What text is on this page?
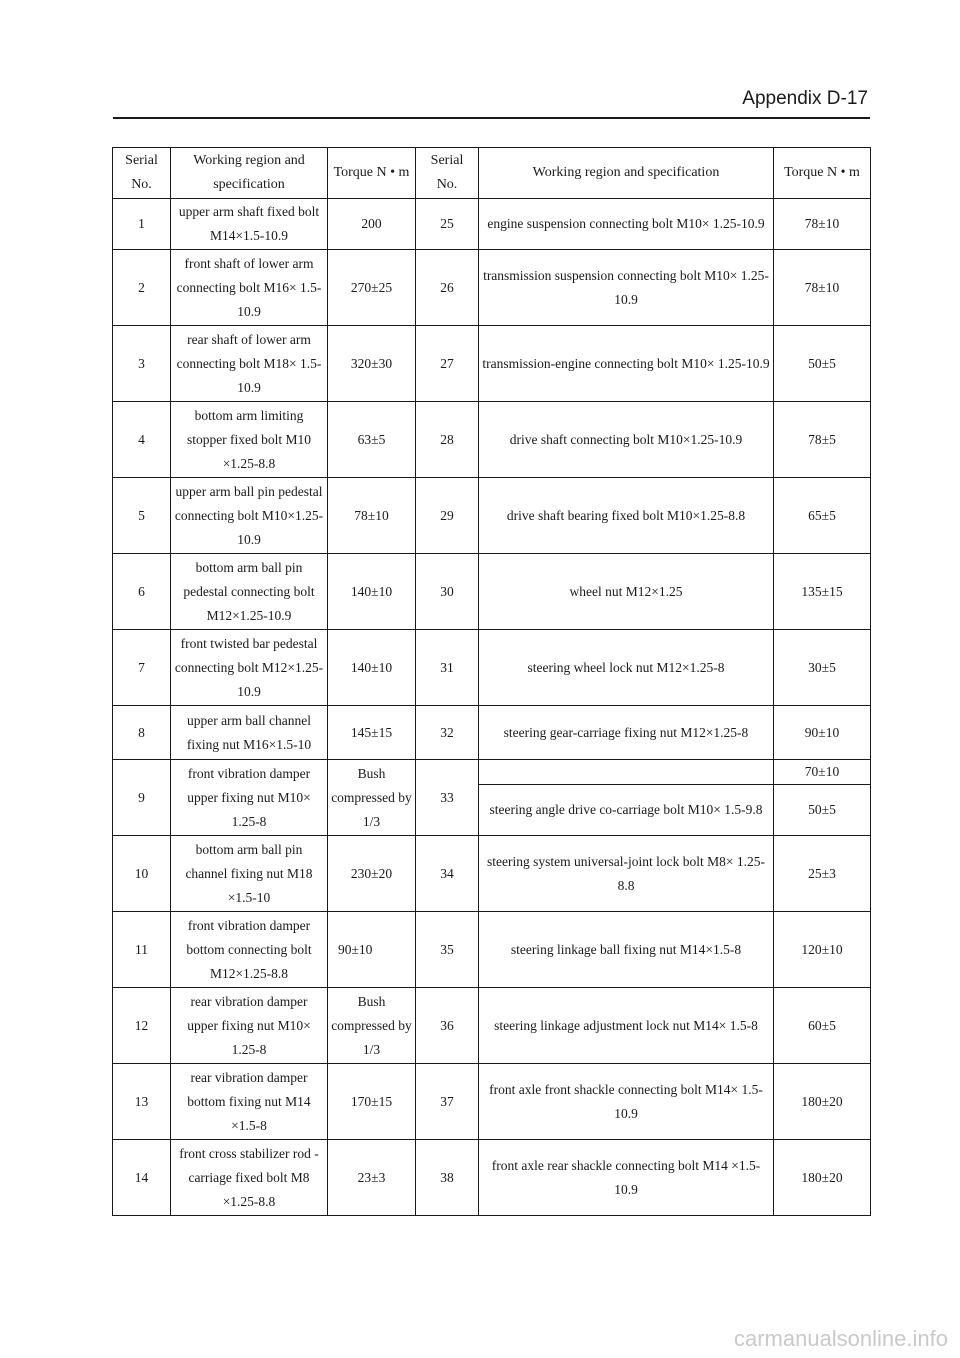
Appendix D-17
Serial No.	Working region and specification	Torque N • m	Serial No.	Working region and specification	Torque N • m
1	upper arm shaft fixed bolt M14×1.5-10.9	200	25	engine suspension connecting bolt M10× 1.25-10.9	78±10
2	front shaft of lower arm connecting bolt M16× 1.5-10.9	270±25	26	transmission suspension connecting bolt M10× 1.25-10.9	78±10
3	rear shaft of lower arm connecting bolt M18× 1.5-10.9	320±30	27	transmission-engine connecting bolt M10× 1.25-10.9	50±5
4	bottom arm limiting stopper fixed bolt M10 ×1.25-8.8	63±5	28	drive shaft connecting bolt M10×1.25-10.9	78±5
5	upper arm ball pin pedestal connecting bolt M10×1.25-10.9	78±10	29	drive shaft bearing fixed bolt M10×1.25-8.8	65±5
6	bottom arm ball pin pedestal connecting bolt M12×1.25-10.9	140±10	30	wheel nut M12×1.25	135±15
7	front twisted bar pedestal connecting bolt M12×1.25-10.9	140±10	31	steering wheel lock nut M12×1.25-8	30±5
8	upper arm ball channel fixing nut M16×1.5-10	145±15	32	steering gear-carriage fixing nut M12×1.25-8	90±10
9	front vibration damper upper fixing nut M10× 1.25-8	Bush compressed by 1/3	33		70±10
				steering angle drive co-carriage bolt M10× 1.5-9.8	50±5
10	bottom arm ball pin channel fixing nut M18 ×1.5-10	230±20	34	steering system universal-joint lock bolt M8× 1.25-8.8	25±3
11	front vibration damper bottom connecting bolt M12×1.25-8.8	90±10	35	steering linkage ball fixing nut M14×1.5-8	120±10
12	rear vibration damper upper fixing nut M10× 1.25-8	Bush compressed by 1/3	36	steering linkage adjustment lock nut M14× 1.5-8	60±5
13	rear vibration damper bottom fixing nut M14 ×1.5-8	170±15	37	front axle front shackle connecting bolt M14× 1.5-10.9	180±20
14	front cross stabilizer rod -carriage fixed bolt M8 ×1.25-8.8	23±3	38	front axle rear shackle connecting bolt M14 ×1.5-10.9	180±20
carmanualsonline.info
